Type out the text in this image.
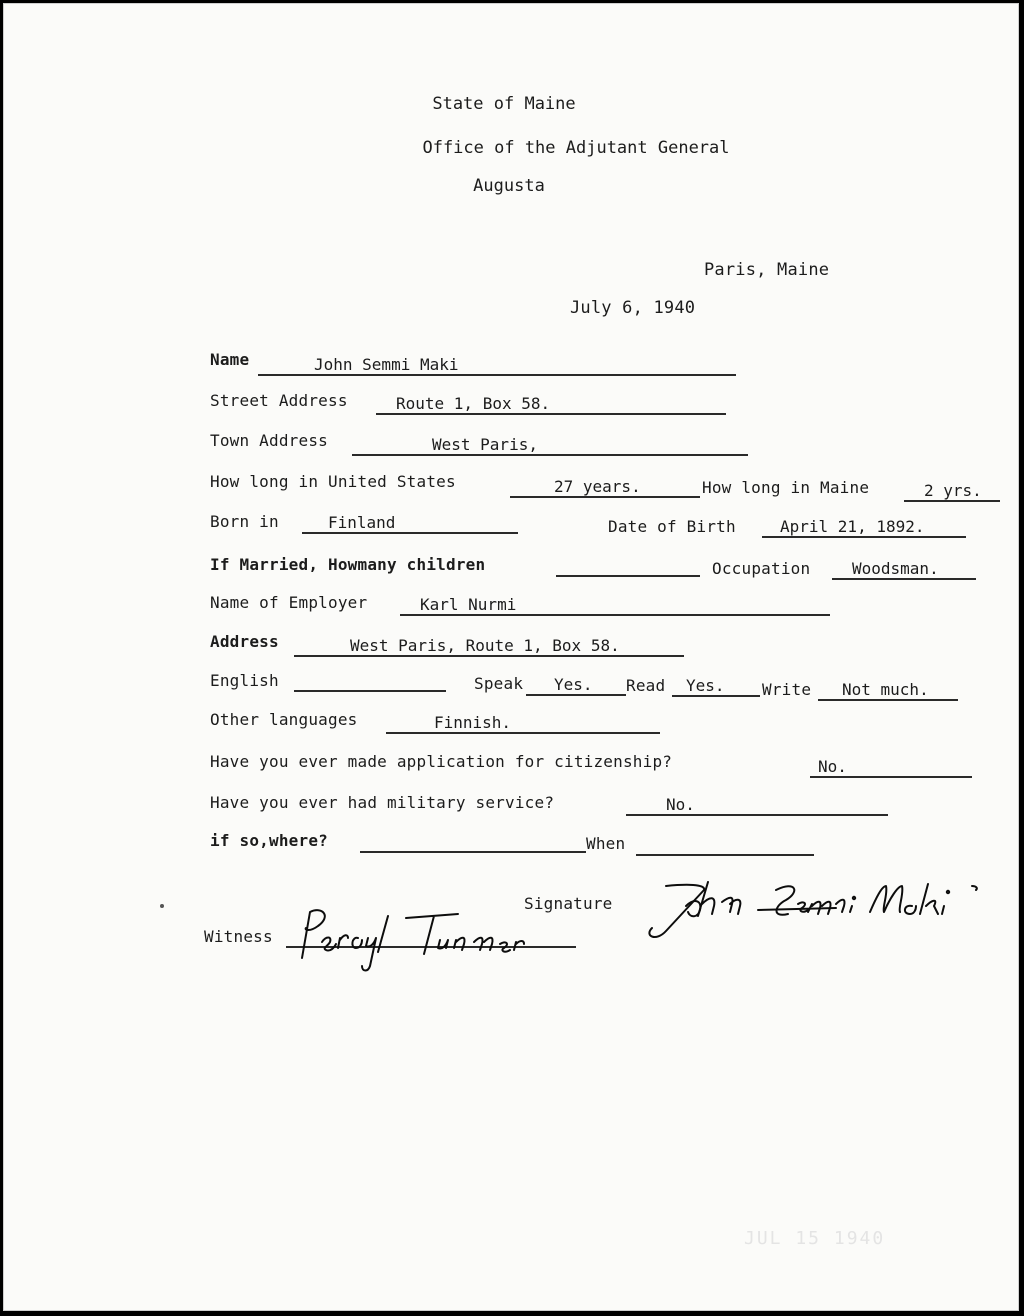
State of Maine
Office of the Adjutant General
Augusta
Paris, Maine
July 6, 1940
Name	John Semmi Maki
Street Address	Route 1, Box 58.
Town Address	West Paris,
How long in United States	27 years.	How long in Maine	2 yrs.
Born in	Finland	Date of Birth	April 21, 1892.
If Married, Howmany children	Occupation	Woodsman.
Name of Employer	Karl Nurmi
Address	West Paris, Route 1, Box 58.
English	Speak	Yes.	Read	Yes.	Write	Not much.
Other languages	Finnish.
Have you ever made application for citizenship?	No.
Have you ever had military service?	No.
if so,where?	When
Signature
Witness
JUL 15 1940
